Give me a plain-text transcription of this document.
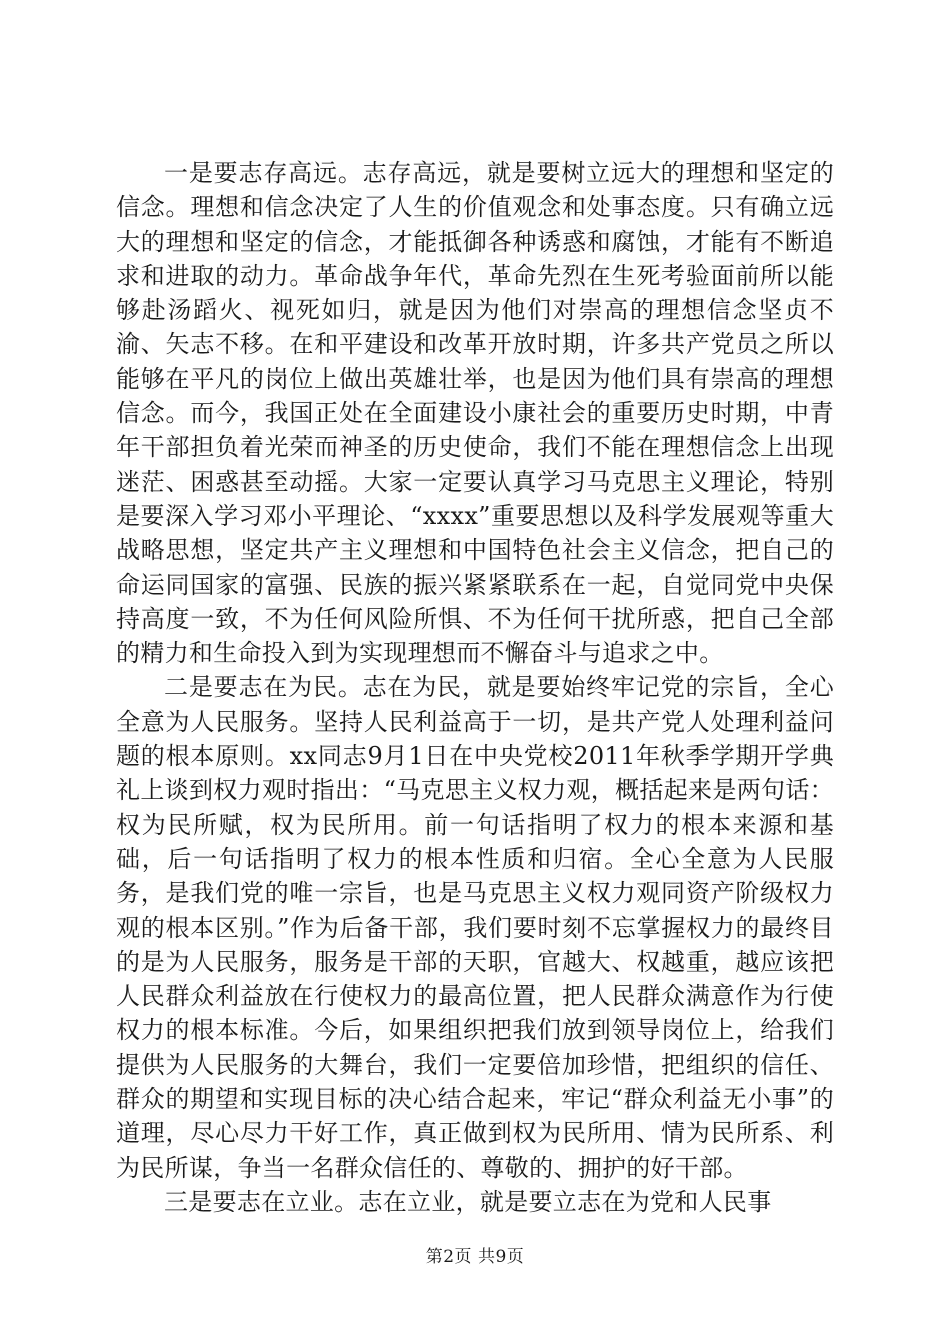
一是要志存高远。志存高远，就是要树立远大的理想和坚定的信念。理想和信念决定了人生的价值观念和处事态度。只有确立远大的理想和坚定的信念，才能抵御各种诱惑和腐蚀，才能有不断追求和进取的动力。革命战争年代，革命先烈在生死考验面前所以能够赴汤蹈火、视死如归，就是因为他们对崇高的理想信念坚贞不渝、矢志不移。在和平建设和改革开放时期，许多共产党员之所以能够在平凡的岗位上做出英雄壮举，也是因为他们具有崇高的理想信念。而今，我国正处在全面建设小康社会的重要历史时期，中青年干部担负着光荣而神圣的历史使命，我们不能在理想信念上出现迷茫、困惑甚至动摇。大家一定要认真学习马克思主义理论，特别是要深入学习邓小平理论、“xxxx”重要思想以及科学发展观等重大战略思想，坚定共产主义理想和中国特色社会主义信念，把自己的命运同国家的富强、民族的振兴紧紧联系在一起，自觉同党中央保持高度一致，不为任何风险所惧、不为任何干扰所惑，把自己全部的精力和生命投入到为实现理想而不懈奋斗与追求之中。

二是要志在为民。志在为民，就是要始终牢记党的宗旨，全心全意为人民服务。坚持人民利益高于一切，是共产党人处理利益问题的根本原则。xx同志9月1日在中央党校2011年秋季学期开学典礼上谈到权力观时指出：“马克思主义权力观，概括起来是两句话：权为民所赋，权为民所用。前一句话指明了权力的根本来源和基础，后一句话指明了权力的根本性质和归宿。全心全意为人民服务，是我们党的唯一宗旨，也是马克思主义权力观同资产阶级权力观的根本区别。”作为后备干部，我们要时刻不忘掌握权力的最终目的是为人民服务，服务是干部的天职，官越大、权越重，越应该把人民群众利益放在行使权力的最高位置，把人民群众满意作为行使权力的根本标准。今后，如果组织把我们放到领导岗位上，给我们提供为人民服务的大舞台，我们一定要倍加珍惜，把组织的信任、群众的期望和实现目标的决心结合起来，牢记“群众利益无小事”的道理，尽心尽力干好工作，真正做到权为民所用、情为民所系、利为民所谋，争当一名群众信任的、尊敬的、拥护的好干部。

三是要志在立业。志在立业，就是要立志在为党和人民事

第2页 共9页
